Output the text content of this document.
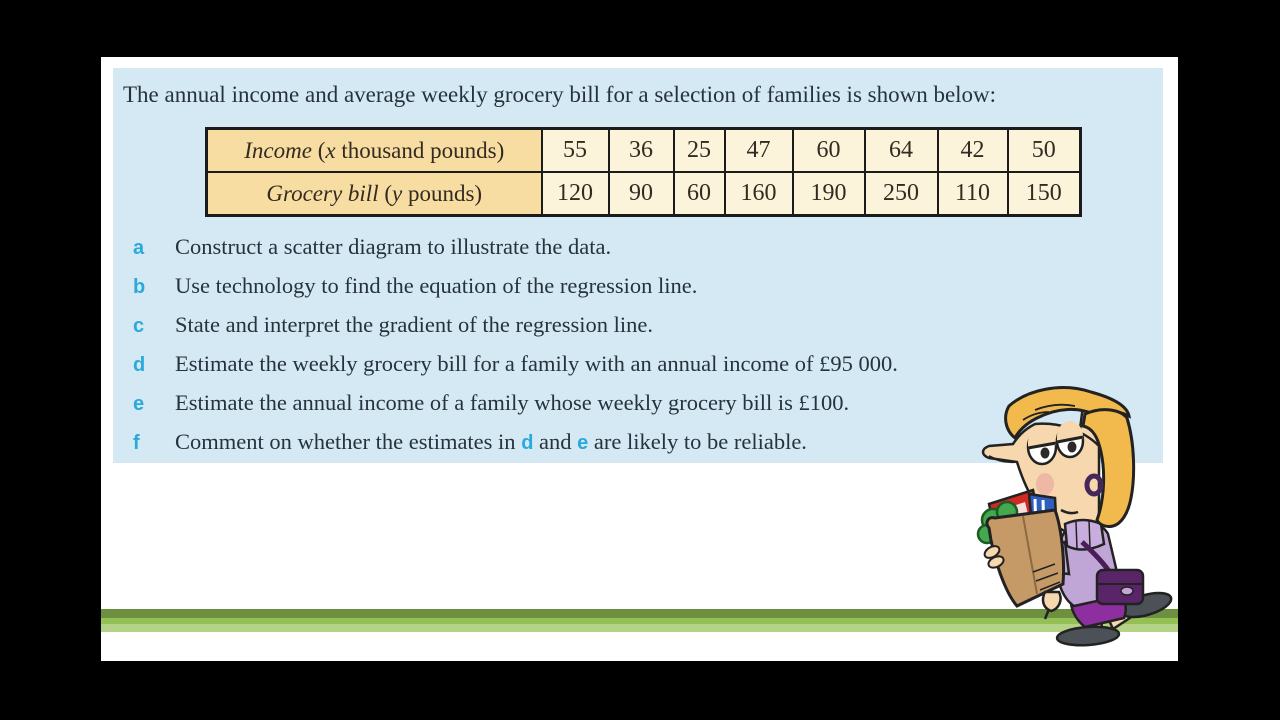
The annual income and average weekly grocery bill for a selection of families is shown below:

Income (x thousand pounds)	55	36	25	47	60	64	42	50
Grocery bill (y pounds)	120	90	60	160	190	250	110	150
a	Construct a scatter diagram to illustrate the data.
b	Use technology to find the equation of the regression line.
c	State and interpret the gradient of the regression line.
d	Estimate the weekly grocery bill for a family with an annual income of £95 000.
e	Estimate the annual income of a family whose weekly grocery bill is £100.
f	Comment on whether the estimates in d and e are likely to be reliable.
